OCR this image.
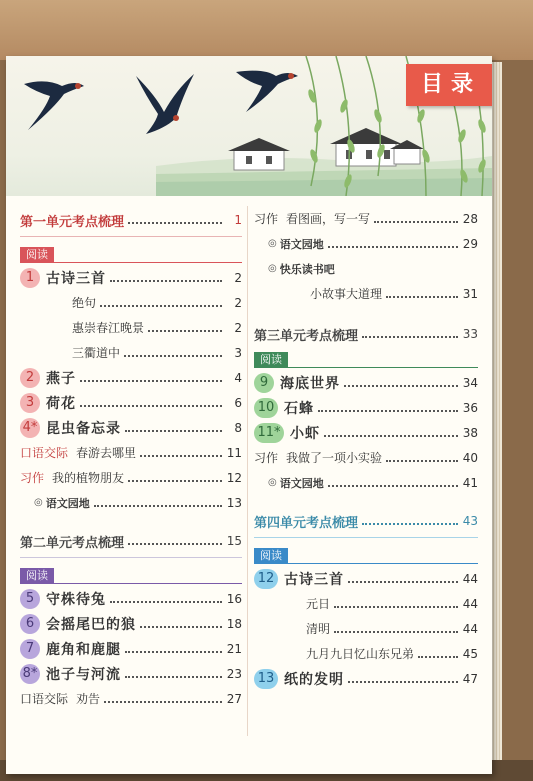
目录
第一单元考点梳理	1
阅读
1 古诗三首	2
绝句	2
惠崇春江晚景	2
三衢道中	3
2 燕子	4
3 荷花	6
4* 昆虫备忘录	8
口语交际 春游去哪里	11
习作 我的植物朋友	12
◎ 语文园地	13
第二单元考点梳理	15
阅读
5 守株待兔	16
6 会摇尾巴的狼	18
7 鹿角和鹿腿	21
8* 池子与河流	23
口语交际 劝告	27
习作 看图画，写一写	28
◎ 语文园地	29
◎ 快乐读书吧
小故事大道理	31
第三单元考点梳理	33
阅读
9 海底世界	34
10 石蜂	36
11* 小虾	38
习作 我做了一项小实验	40
◎ 语文园地	41
第四单元考点梳理	43
阅读
12 古诗三首	44
元日	44
清明	44
九月九日忆山东兄弟	45
13 纸的发明	47
